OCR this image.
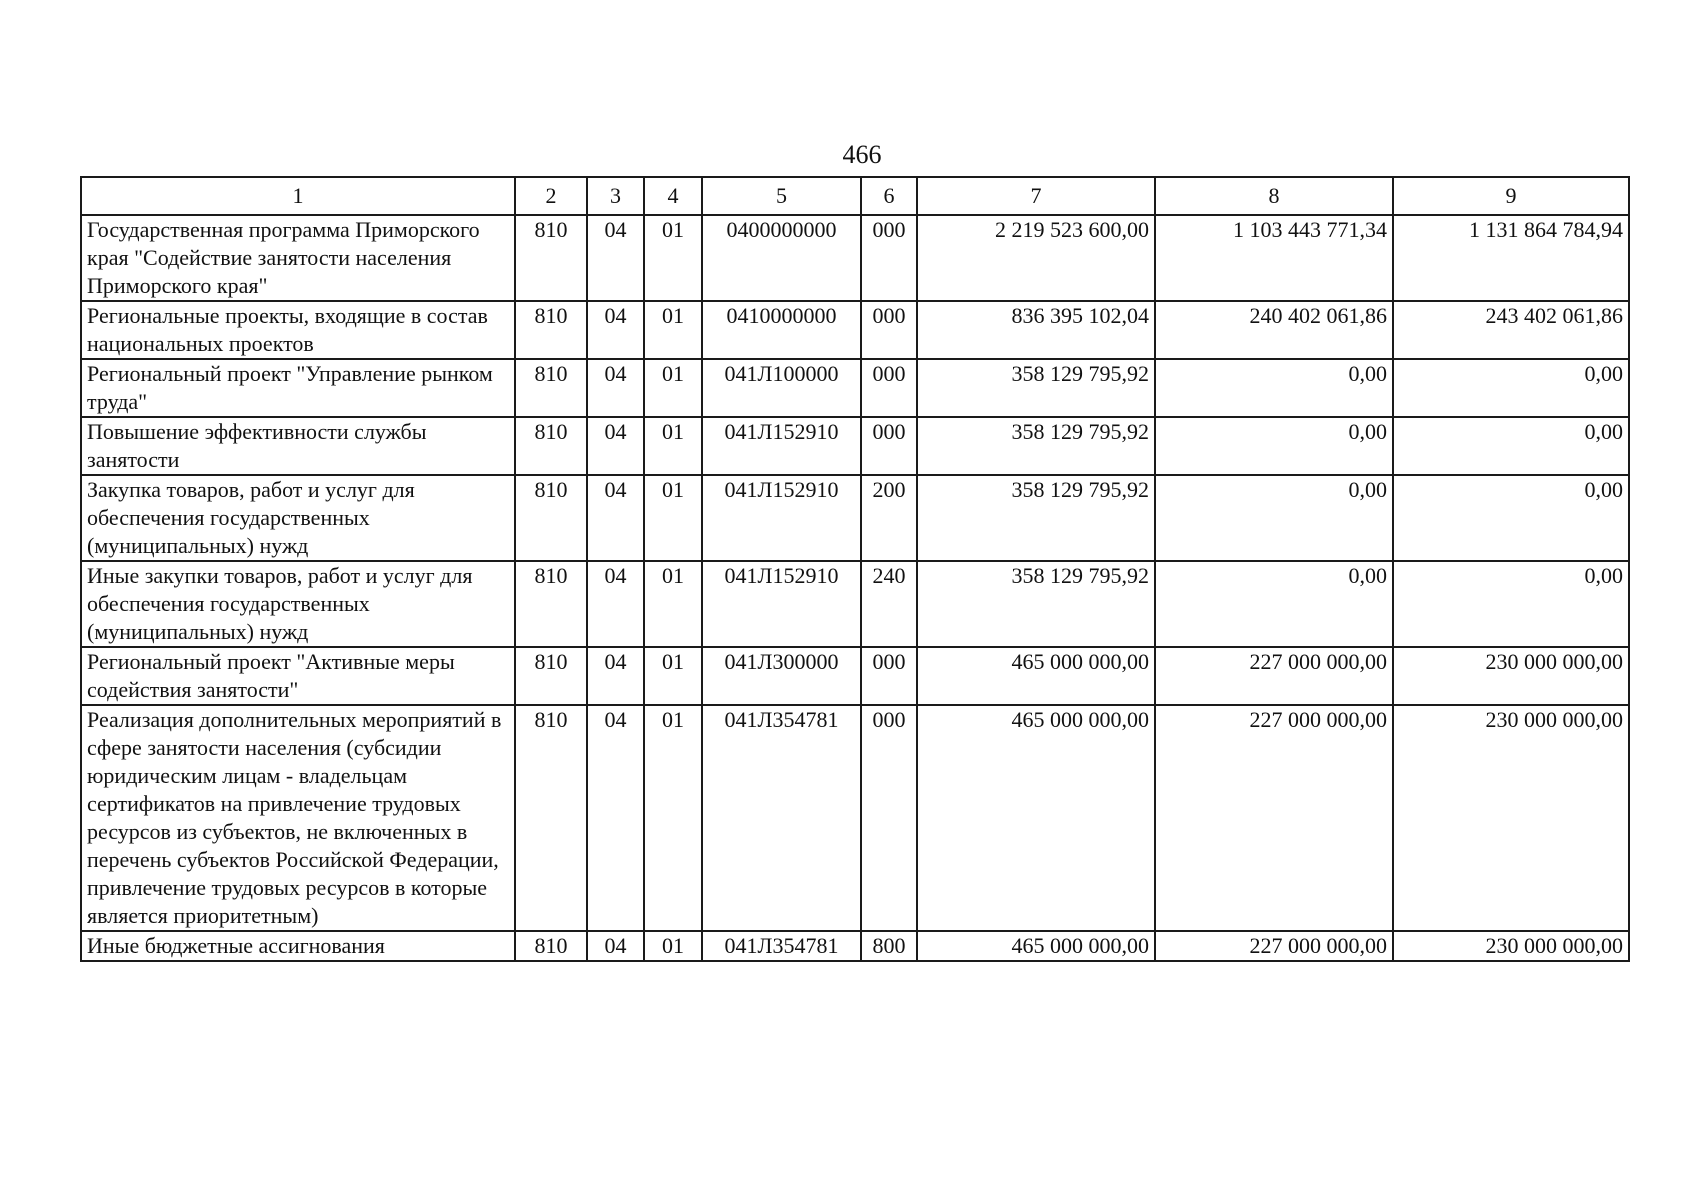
466
1	2	3	4	5	6	7	8	9
Государственная программа Приморского края "Содействие занятости населения Приморского края"	810	04	01	0400000000	000	2 219 523 600,00	1 103 443 771,34	1 131 864 784,94
Региональные проекты, входящие в состав национальных проектов	810	04	01	0410000000	000	836 395 102,04	240 402 061,86	243 402 061,86
Региональный проект "Управление рынком труда"	810	04	01	041Л100000	000	358 129 795,92	0,00	0,00
Повышение эффективности службы занятости	810	04	01	041Л152910	000	358 129 795,92	0,00	0,00
Закупка товаров, работ и услуг для обеспечения государственных (муниципальных) нужд	810	04	01	041Л152910	200	358 129 795,92	0,00	0,00
Иные закупки товаров, работ и услуг для обеспечения государственных (муниципальных) нужд	810	04	01	041Л152910	240	358 129 795,92	0,00	0,00
Региональный проект "Активные меры содействия занятости"	810	04	01	041Л300000	000	465 000 000,00	227 000 000,00	230 000 000,00
Реализация дополнительных мероприятий в сфере занятости населения (субсидии юридическим лицам - владельцам сертификатов на привлечение трудовых ресурсов из субъектов, не включенных в перечень субъектов Российской Федерации, привлечение трудовых ресурсов в которые является приоритетным)	810	04	01	041Л354781	000	465 000 000,00	227 000 000,00	230 000 000,00
Иные бюджетные ассигнования	810	04	01	041Л354781	800	465 000 000,00	227 000 000,00	230 000 000,00
